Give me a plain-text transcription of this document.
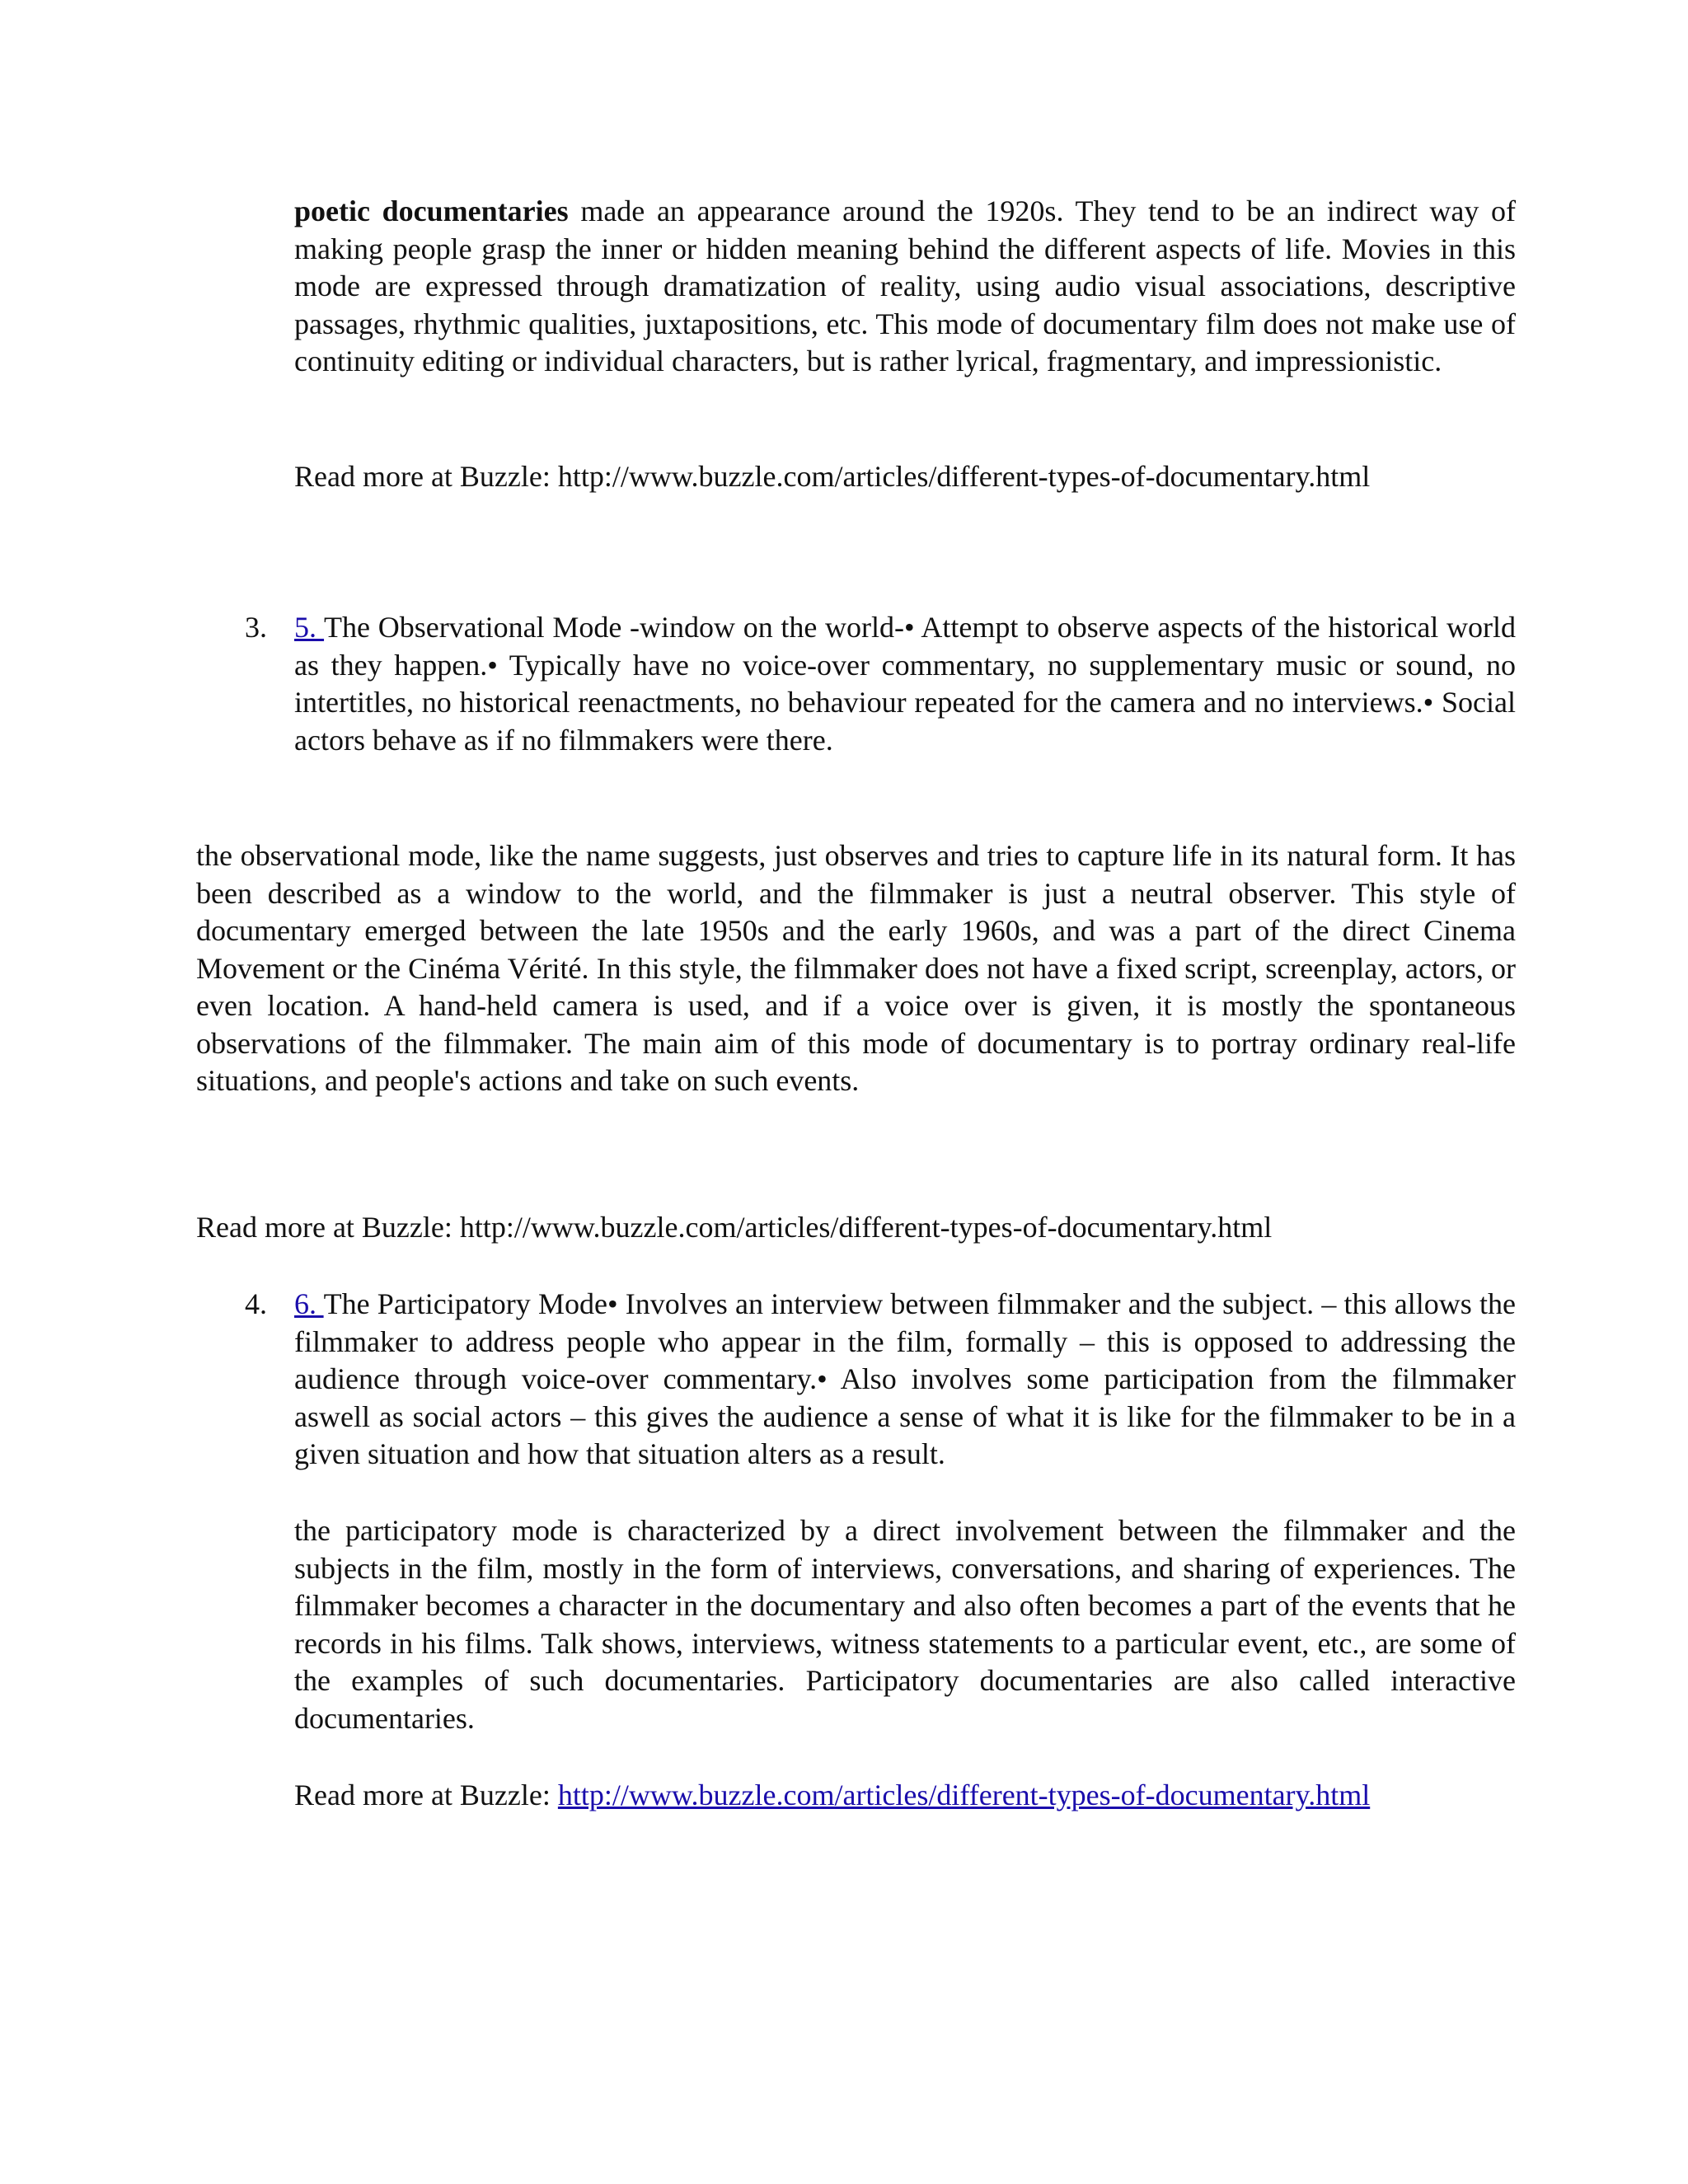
poetic documentaries made an appearance around the 1920s. They tend to be an indirect way of making people grasp the inner or hidden meaning behind the different aspects of life. Movies in this mode are expressed through dramatization of reality, using audio visual associations, descriptive passages, rhythmic qualities, juxtapositions, etc. This mode of documentary film does not make use of continuity editing or individual characters, but is rather lyrical, fragmentary, and impressionistic.
Read more at Buzzle: http://www.buzzle.com/articles/different-types-of-documentary.html
3. 5. The Observational Mode -window on the world-• Attempt to observe aspects of the historical world as they happen.• Typically have no voice-over commentary, no supplementary music or sound, no intertitles, no historical reenactments, no behaviour repeated for the camera and no interviews.• Social actors behave as if no filmmakers were there.
the observational mode, like the name suggests, just observes and tries to capture life in its natural form. It has been described as a window to the world, and the filmmaker is just a neutral observer. This style of documentary emerged between the late 1950s and the early 1960s, and was a part of the direct Cinema Movement or the Cinéma Vérité. In this style, the filmmaker does not have a fixed script, screenplay, actors, or even location. A hand-held camera is used, and if a voice over is given, it is mostly the spontaneous observations of the filmmaker. The main aim of this mode of documentary is to portray ordinary real-life situations, and people's actions and take on such events.
Read more at Buzzle: http://www.buzzle.com/articles/different-types-of-documentary.html
4. 6. The Participatory Mode• Involves an interview between filmmaker and the subject. – this allows the filmmaker to address people who appear in the film, formally – this is opposed to addressing the audience through voice-over commentary.• Also involves some participation from the filmmaker aswell as social actors – this gives the audience a sense of what it is like for the filmmaker to be in a given situation and how that situation alters as a result.
the participatory mode is characterized by a direct involvement between the filmmaker and the subjects in the film, mostly in the form of interviews, conversations, and sharing of experiences. The filmmaker becomes a character in the documentary and also often becomes a part of the events that he records in his films. Talk shows, interviews, witness statements to a particular event, etc., are some of the examples of such documentaries. Participatory documentaries are also called interactive documentaries.
Read more at Buzzle: http://www.buzzle.com/articles/different-types-of-documentary.html
